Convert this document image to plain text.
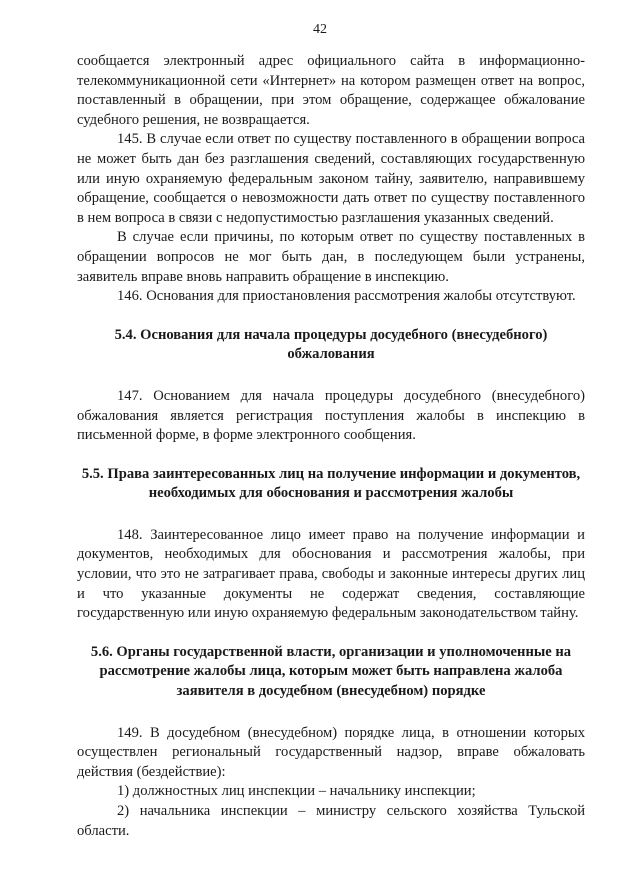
42

сообщается электронный адрес официального сайта в информационно-телекоммуникационной сети «Интернет» на котором размещен ответ на вопрос, поставленный в обращении, при этом обращение, содержащее обжалование судебного решения, не возвращается.

145. В случае если ответ по существу поставленного в обращении вопроса не может быть дан без разглашения сведений, составляющих государственную или иную охраняемую федеральным законом тайну, заявителю, направившему обращение, сообщается о невозможности дать ответ по существу поставленного в нем вопроса в связи с недопустимостью разглашения указанных сведений.

В случае если причины, по которым ответ по существу поставленных в обращении вопросов не мог быть дан, в последующем были устранены, заявитель вправе вновь направить обращение в инспекцию.

146. Основания для приостановления рассмотрения жалобы отсутствуют.

5.4. Основания для начала процедуры досудебного (внесудебного) обжалования

147. Основанием для начала процедуры досудебного (внесудебного) обжалования является регистрация поступления жалобы в инспекцию в письменной форме, в форме электронного сообщения.

5.5. Права заинтересованных лиц на получение информации и документов, необходимых для обоснования и рассмотрения жалобы

148. Заинтересованное лицо имеет право на получение информации и документов, необходимых для обоснования и рассмотрения жалобы, при условии, что это не затрагивает права, свободы и законные интересы других лиц и что указанные документы не содержат сведения, составляющие государственную или иную охраняемую федеральным законодательством тайну.

5.6. Органы государственной власти, организации и уполномоченные на рассмотрение жалобы лица, которым может быть направлена жалоба заявителя в досудебном (внесудебном) порядке

149. В досудебном (внесудебном) порядке лица, в отношении которых осуществлен региональный государственный надзор, вправе обжаловать действия (бездействие):

1) должностных лиц инспекции – начальнику инспекции;

2) начальника инспекции – министру сельского хозяйства Тульской области.
